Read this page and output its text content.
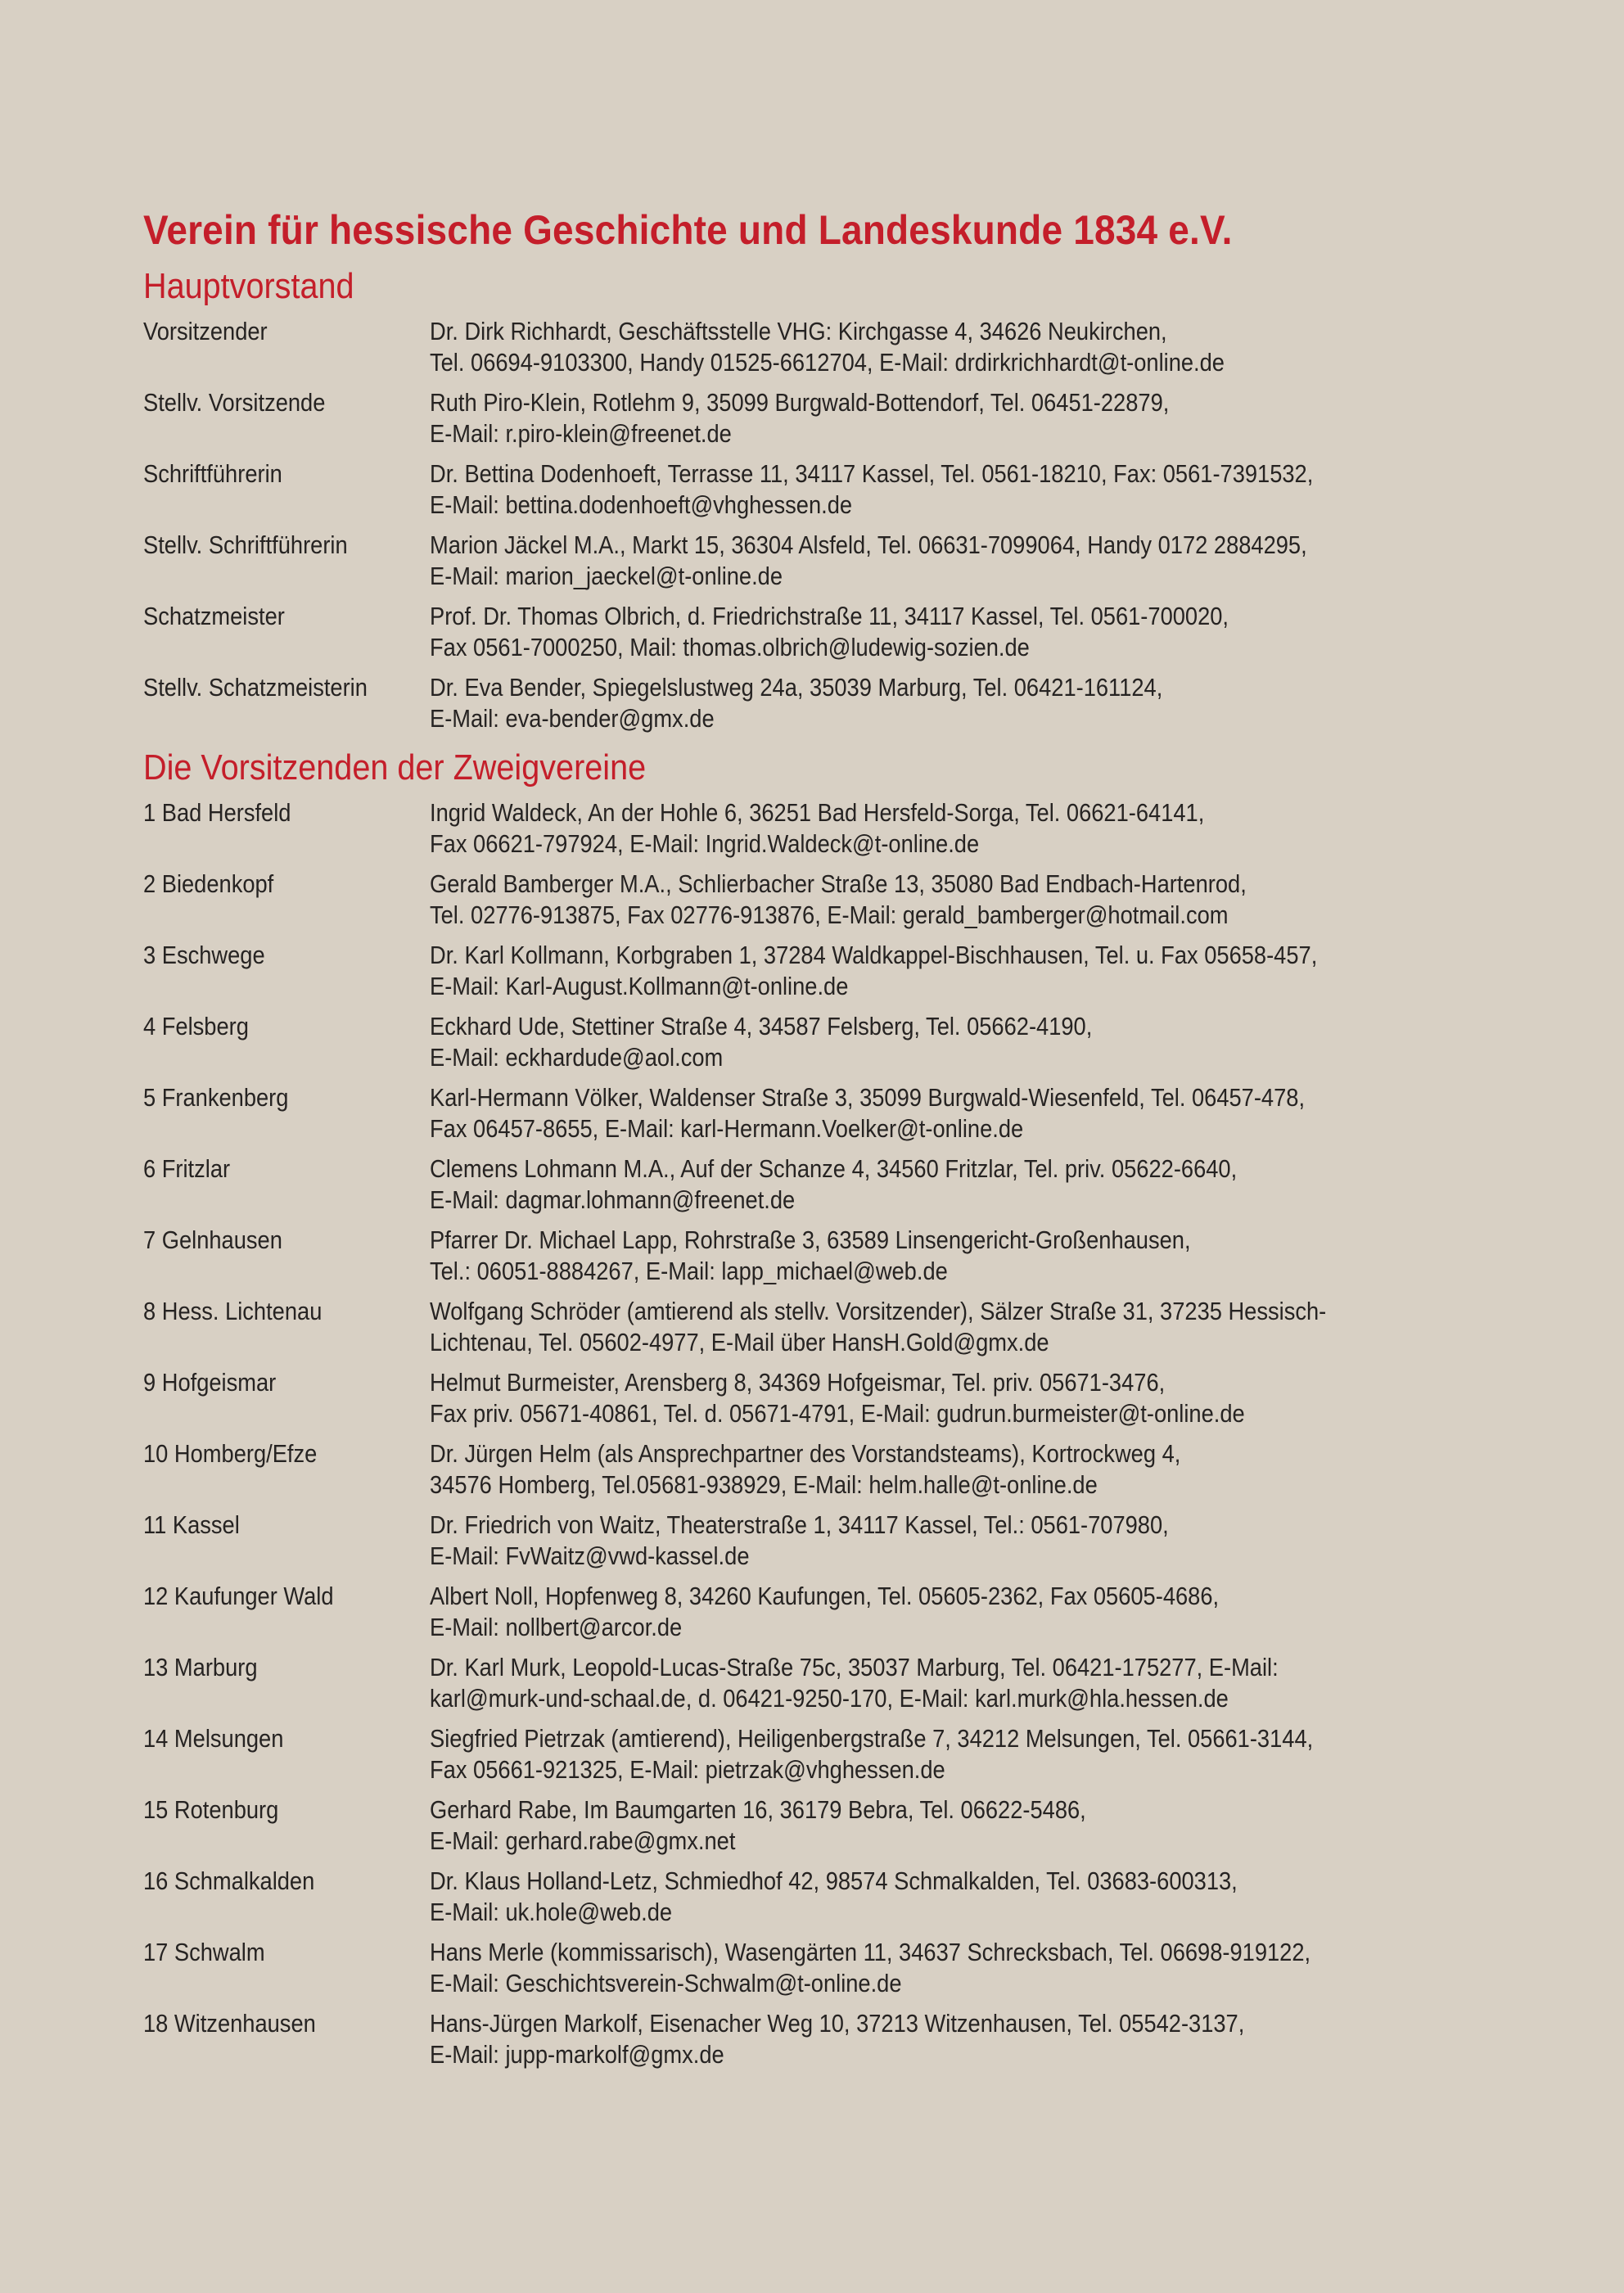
Verein für hessische Geschichte und Landeskunde 1834 e.V.
Hauptvorstand
Vorsitzender	Dr. Dirk Richhardt, Geschäftsstelle VHG: Kirchgasse 4, 34626 Neukirchen,
Tel. 06694-9103300, Handy 01525-6612704, E-Mail: drdirkrichhardt@t-online.de
Stellv. Vorsitzende	Ruth Piro-Klein, Rotlehm 9, 35099 Burgwald-Bottendorf, Tel. 06451-22879,
E-Mail: r.piro-klein@freenet.de
Schriftführerin	Dr. Bettina Dodenhoeft, Terrasse 11, 34117 Kassel, Tel. 0561-18210, Fax: 0561-7391532,
E-Mail: bettina.dodenhoeft@vhghessen.de
Stellv. Schriftführerin	Marion Jäckel M.A., Markt 15, 36304 Alsfeld, Tel. 06631-7099064, Handy 0172 2884295,
E-Mail: marion_jaeckel@t-online.de
Schatzmeister	Prof. Dr. Thomas Olbrich, d. Friedrichstraße 11, 34117 Kassel, Tel. 0561-700020,
Fax 0561-7000250, Mail: thomas.olbrich@ludewig-sozien.de
Stellv. Schatzmeisterin	Dr. Eva Bender, Spiegelslustweg 24a, 35039 Marburg, Tel. 06421-161124,
E-Mail: eva-bender@gmx.de
Die Vorsitzenden der Zweigvereine
1 Bad Hersfeld	Ingrid Waldeck, An der Hohle 6, 36251 Bad Hersfeld-Sorga, Tel. 06621-64141,
Fax 06621-797924, E-Mail: Ingrid.Waldeck@t-online.de
2 Biedenkopf	Gerald Bamberger M.A., Schlierbacher Straße 13, 35080 Bad Endbach-Hartenrod,
Tel. 02776-913875, Fax 02776-913876, E-Mail: gerald_bamberger@hotmail.com
3 Eschwege	Dr. Karl Kollmann, Korbgraben 1, 37284 Waldkappel-Bischhausen, Tel. u. Fax 05658-457,
E-Mail: Karl-August.Kollmann@t-online.de
4 Felsberg	Eckhard Ude, Stettiner Straße 4, 34587 Felsberg, Tel. 05662-4190,
E-Mail: eckhardude@aol.com
5 Frankenberg	Karl-Hermann Völker, Waldenser Straße 3, 35099 Burgwald-Wiesenfeld, Tel. 06457-478,
Fax 06457-8655, E-Mail: karl-Hermann.Voelker@t-online.de
6 Fritzlar	Clemens Lohmann M.A., Auf der Schanze 4, 34560 Fritzlar, Tel. priv. 05622-6640,
E-Mail: dagmar.lohmann@freenet.de
7 Gelnhausen	Pfarrer Dr. Michael Lapp, Rohrstraße 3, 63589 Linsengericht-Großenhausen,
Tel.: 06051-8884267, E-Mail: lapp_michael@web.de
8 Hess. Lichtenau	Wolfgang Schröder (amtierend als stellv. Vorsitzender), Sälzer Straße 31, 37235 Hessisch-
Lichtenau, Tel. 05602-4977, E-Mail über HansH.Gold@gmx.de
9 Hofgeismar	Helmut Burmeister, Arensberg 8, 34369 Hofgeismar, Tel. priv. 05671-3476,
Fax priv. 05671-40861, Tel. d. 05671-4791, E-Mail: gudrun.burmeister@t-online.de
10 Homberg/Efze	Dr. Jürgen Helm (als Ansprechpartner des Vorstandsteams), Kortrockweg 4,
34576 Homberg, Tel.05681-938929, E-Mail: helm.halle@t-online.de
11 Kassel	Dr. Friedrich von Waitz, Theaterstraße 1, 34117 Kassel, Tel.: 0561-707980,
E-Mail: FvWaitz@vwd-kassel.de
12 Kaufunger Wald	Albert Noll, Hopfenweg 8, 34260 Kaufungen, Tel. 05605-2362, Fax 05605-4686,
E-Mail: nollbert@arcor.de
13 Marburg	Dr. Karl Murk, Leopold-Lucas-Straße 75c, 35037 Marburg, Tel. 06421-175277, E-Mail:
karl@murk-und-schaal.de, d. 06421-9250-170, E-Mail: karl.murk@hla.hessen.de
14 Melsungen	Siegfried Pietrzak (amtierend), Heiligenbergstraße 7, 34212 Melsungen, Tel. 05661-3144,
Fax 05661-921325, E-Mail: pietrzak@vhghessen.de
15 Rotenburg	Gerhard Rabe, Im Baumgarten 16, 36179 Bebra, Tel. 06622-5486,
E-Mail: gerhard.rabe@gmx.net
16 Schmalkalden	Dr. Klaus Holland-Letz, Schmiedhof 42, 98574 Schmalkalden, Tel. 03683-600313,
E-Mail: uk.hole@web.de
17 Schwalm	Hans Merle (kommissarisch), Wasengärten 11, 34637 Schrecksbach, Tel. 06698-919122,
E-Mail: Geschichtsverein-Schwalm@t-online.de
18 Witzenhausen	Hans-Jürgen Markolf, Eisenacher Weg 10, 37213 Witzenhausen, Tel. 05542-3137,
E-Mail: jupp-markolf@gmx.de
